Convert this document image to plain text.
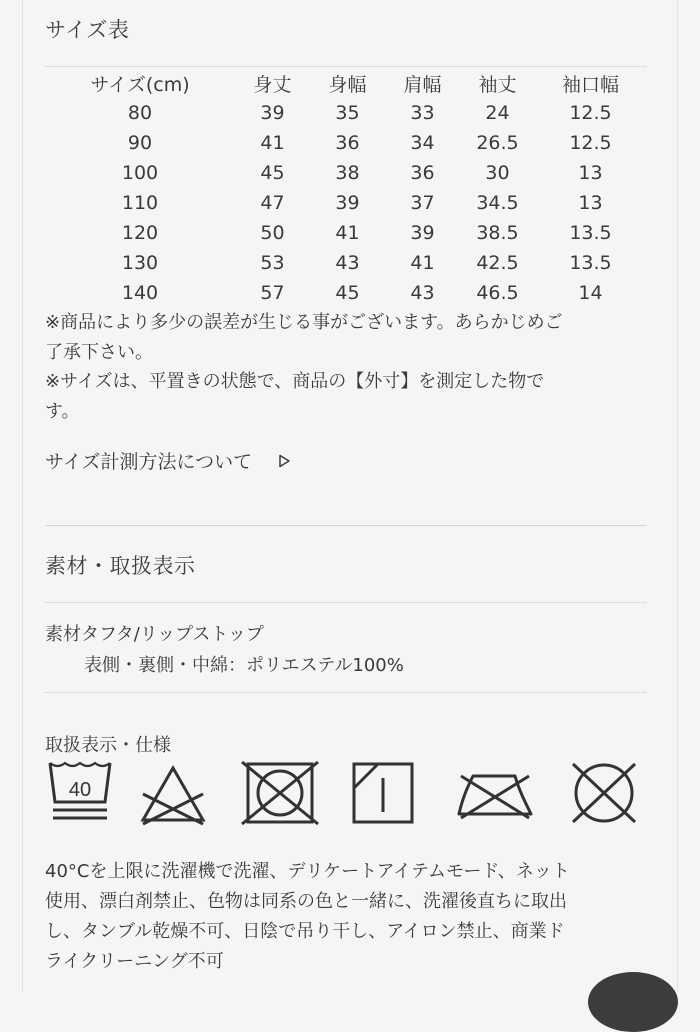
サイズ表
サイズ(cm)	身丈	身幅	肩幅	袖丈	袖口幅
80	39	35	33	24	12.5
90	41	36	34	26.5	12.5
100	45	38	36	30	13
110	47	39	37	34.5	13
120	50	41	39	38.5	13.5
130	53	43	41	42.5	13.5
140	57	45	43	46.5	14
※商品により多少の誤差が生じる事がございます。あらかじめご
了承下さい。
※サイズは、平置きの状態で、商品の【外寸】を測定した物で
す。
サイズ計測方法について
素材・取扱表示
素材タフタ/リップストップ
表側・裏側・中綿：ポリエステル100%
取扱表示・仕様
40
40°Cを上限に洗濯機で洗濯、デリケートアイテムモード、ネット
使用、漂白剤禁止、色物は同系の色と一緒に、洗濯後直ちに取出
し、タンブル乾燥不可、日陰で吊り干し、アイロン禁止、商業ド
ライクリーニング不可
